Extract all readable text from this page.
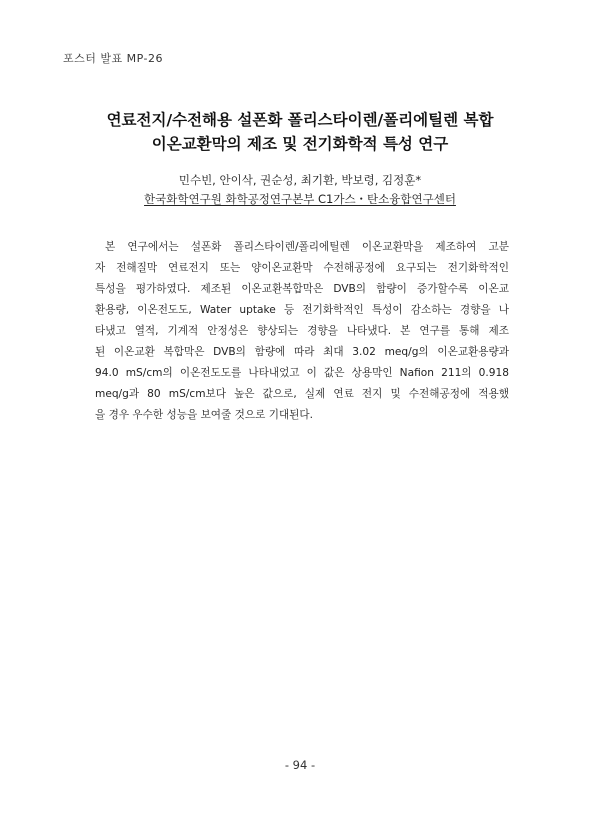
포스터 발표 MP-26
연료전지/수전해용 설폰화 폴리스타이렌/폴리에틸렌 복합
이온교환막의 제조 및 전기화학적 특성 연구
민수빈, 안이삭, 권순성, 최기환, 박보령, 김정훈*
한국화학연구원 화학공정연구본부 C1가스・탄소융합연구센터
본 연구에서는 설폰화 폴리스타이렌/폴리에틸렌 이온교환막을 제조하여 고분
자 전해질막 연료전지 또는 양이온교환막 수전해공정에 요구되는 전기화학적인
특성을 평가하였다. 제조된 이온교환복합막은 DVB의 함량이 증가할수록 이온교
환용량, 이온전도도, Water uptake 등 전기화학적인 특성이 감소하는 경향을 나
타냈고 열적, 기계적 안정성은 향상되는 경향을 나타냈다. 본 연구를 통해 제조
된 이온교환 복합막은 DVB의 함량에 따라 최대 3.02 meq/g의 이온교환용량과
94.0 mS/cm의 이온전도도를 나타내었고 이 값은 상용막인 Nafion 211의 0.918
meq/g과 80 mS/cm보다 높은 값으로, 실제 연료 전지 및 수전해공정에 적용했
을 경우 우수한 성능을 보여줄 것으로 기대된다.
- 94 -
